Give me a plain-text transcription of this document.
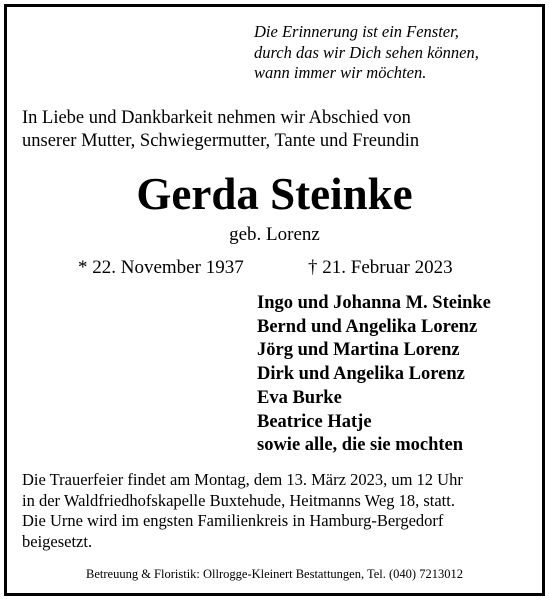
Die Erinnerung ist ein Fenster,
durch das wir Dich sehen können,
wann immer wir möchten.
In Liebe und Dankbarkeit nehmen wir Abschied von
unserer Mutter, Schwiegermutter, Tante und Freundin
Gerda Steinke
geb. Lorenz
* 22. November 1937	† 21. Februar 2023
Ingo und Johanna M. Steinke
Bernd und Angelika Lorenz
Jörg und Martina Lorenz
Dirk und Angelika Lorenz
Eva Burke
Beatrice Hatje
sowie alle, die sie mochten
Die Trauerfeier findet am Montag, dem 13. März 2023, um 12 Uhr
in der Waldfriedhofskapelle Buxtehude, Heitmanns Weg 18, statt.
Die Urne wird im engsten Familienkreis in Hamburg-Bergedorf
beigesetzt.
Betreuung & Floristik: Ollrogge-Kleinert Bestattungen, Tel. (040) 7213012
